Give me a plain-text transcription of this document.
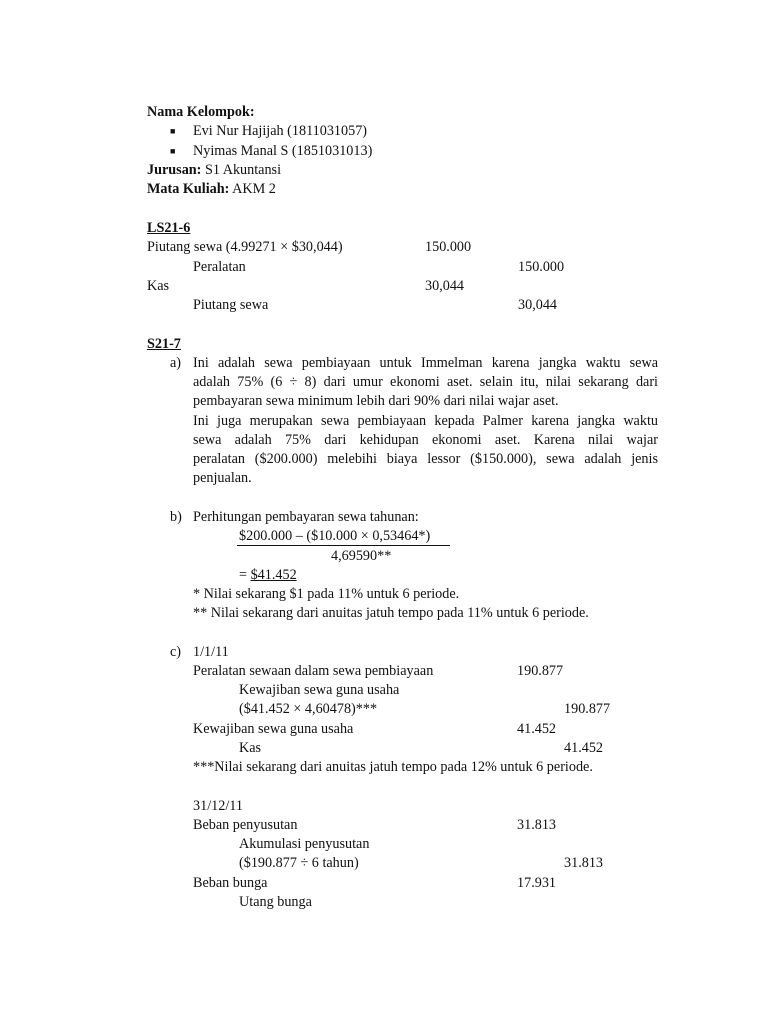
Nama Kelompok:
■ Evi Nur Hajijah (1811031057)
■ Nyimas Manal S (1851031013)
Jurusan: S1 Akuntansi
Mata Kuliah: AKM 2
LS21-6
Piutang sewa (4.99271 × $30,044)	150.000
Peralatan	150.000
Kas	30,044
Piutang sewa	30,044
S21-7
a) Ini adalah sewa pembiayaan untuk Immelman karena jangka waktu sewa
adalah 75% (6 ÷ 8) dari umur ekonomi aset. selain itu, nilai sekarang dari
pembayaran sewa minimum lebih dari 90% dari nilai wajar aset.
Ini juga merupakan sewa pembiayaan kepada Palmer karena jangka waktu
sewa adalah 75% dari kehidupan ekonomi aset. Karena nilai wajar
peralatan ($200.000) melebihi biaya lessor ($150.000), sewa adalah jenis
penjualan.
b) Perhitungan pembayaran sewa tahunan:
$200.000 – ($10.000 × 0,53464*)
4,69590**
= $41.452
* Nilai sekarang $1 pada 11% untuk 6 periode.
** Nilai sekarang dari anuitas jatuh tempo pada 11% untuk 6 periode.
c) 1/1/11
Peralatan sewaan dalam sewa pembiayaan	190.877
Kewajiban sewa guna usaha
($41.452 × 4,60478)***	190.877
Kewajiban sewa guna usaha	41.452
Kas	41.452
***Nilai sekarang dari anuitas jatuh tempo pada 12% untuk 6 periode.
31/12/11
Beban penyusutan	31.813
Akumulasi penyusutan
($190.877 ÷ 6 tahun)	31.813
Beban bunga	17.931
Utang bunga
